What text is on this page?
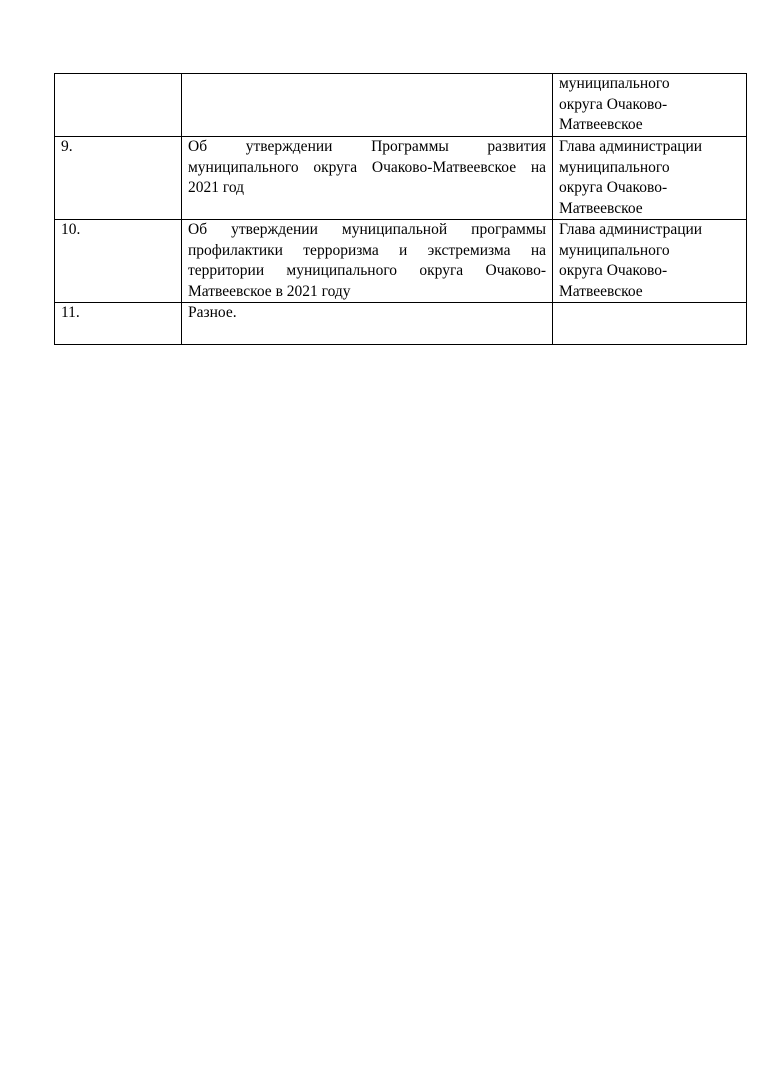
		муниципального
округа Очаково-
Матвеевское
9.	Об утверждении Программы развития муниципального округа Очаково-Матвеевское на 2021 год	Глава администрации
муниципального
округа Очаково-
Матвеевское
10.	Об утверждении муниципальной программы профилактики терроризма и экстремизма на территории муниципального округа Очаково-Матвеевское в 2021 году	Глава администрации
муниципального
округа Очаково-
Матвеевское
11.	Разное.	
